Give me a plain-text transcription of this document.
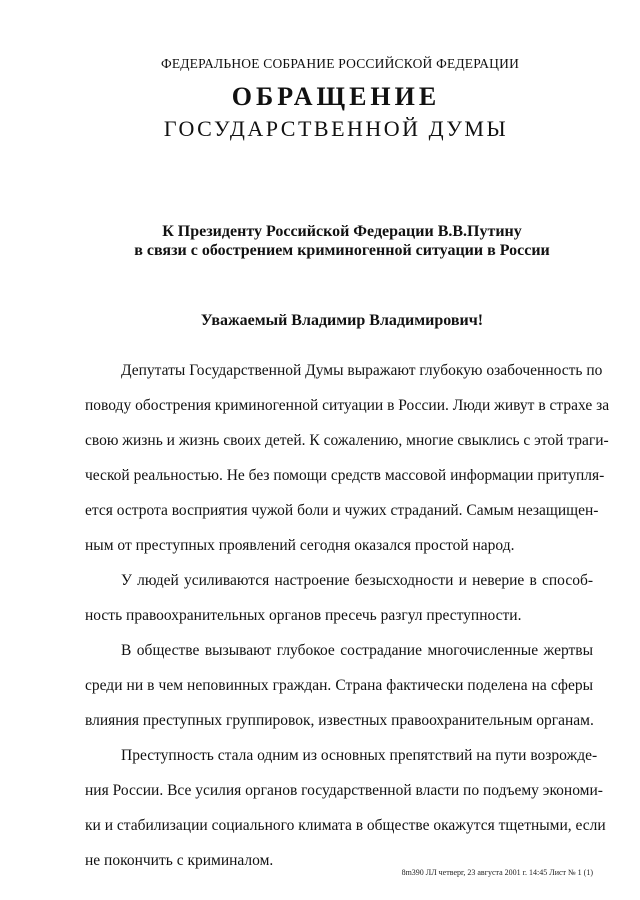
ФЕДЕРАЛЬНОЕ СОБРАНИЕ РОССИЙСКОЙ ФЕДЕРАЦИИ
ОБРАЩЕНИЕ
ГОСУДАРСТВЕННОЙ ДУМЫ
К Президенту Российской Федерации В.В.Путину
в связи с обострением криминогенной ситуации в России
Уважаемый Владимир Владимирович!
Депутаты Государственной Думы выражают глубокую озабоченность по
поводу обострения криминогенной ситуации в России. Люди живут в страхе за
свою жизнь и жизнь своих детей. К сожалению, многие свыклись с этой траги-
ческой реальностью. Не без помощи средств массовой информации притупля-
ется острота восприятия чужой боли и чужих страданий. Самым незащищен-
ным от преступных проявлений сегодня оказался простой народ.
У людей усиливаются настроение безысходности и неверие в способ-
ность правоохранительных органов пресечь разгул преступности.
В обществе вызывают глубокое сострадание многочисленные жертвы
среди ни в чем неповинных граждан. Страна фактически поделена на сферы
влияния преступных группировок, известных правоохранительным органам.
Преступность стала одним из основных препятствий на пути возрожде-
ния России. Все усилия органов государственной власти по подъему экономи-
ки и стабилизации социального климата в обществе окажутся тщетными, если
не покончить с криминалом.
8m390 ЛЛ четверг, 23 августа 2001 г. 14:45 Лист № 1 (1)
